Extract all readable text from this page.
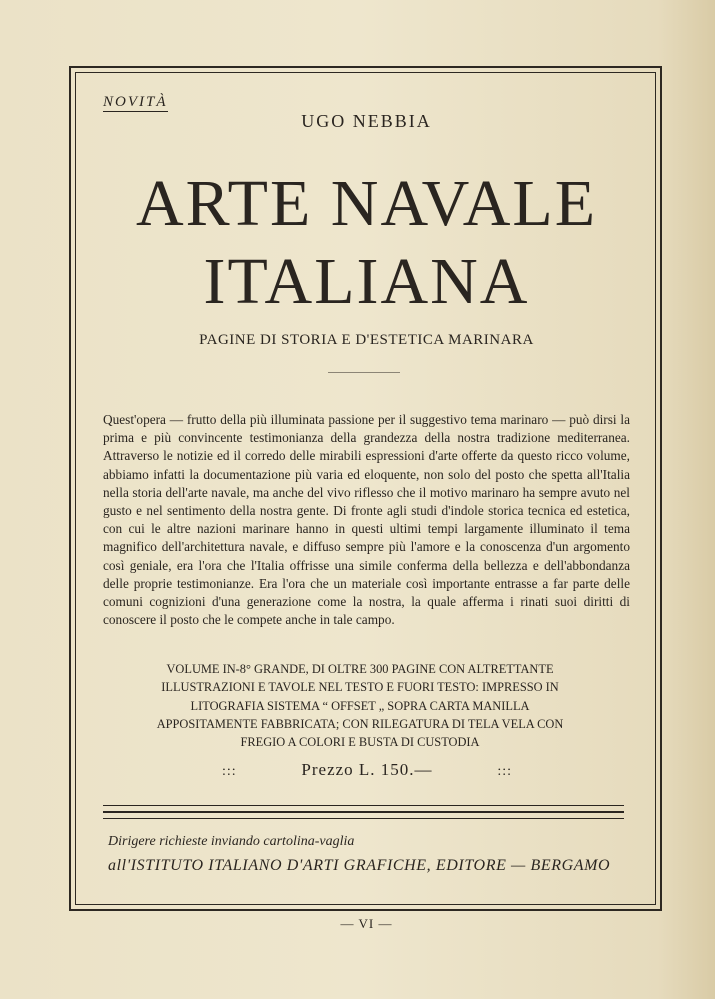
NOVITÀ
UGO NEBBIA
ARTE NAVALE
ITALIANA
PAGINE DI STORIA E D'ESTETICA MARINARA
Quest'opera — frutto della più illuminata passione per il suggestivo tema marinaro — può dirsi la prima e più convincente testimonianza della grandezza della nostra tradizione mediterranea. Attraverso le notizie ed il corredo delle mirabili espressioni d'arte offerte da questo ricco volume, abbiamo infatti la documentazione più varia ed eloquente, non solo del posto che spetta all'Italia nella storia dell'arte navale, ma anche del vivo riflesso che il motivo marinaro ha sempre avuto nel gusto e nel sentimento della nostra gente. Di fronte agli studi d'indole storica tecnica ed estetica, con cui le altre nazioni marinare hanno in questi ultimi tempi largamente illuminato il tema magnifico dell'architettura navale, e diffuso sempre più l'amore e la conoscenza d'un argomento così geniale, era l'ora che l'Italia offrisse una simile conferma della bellezza e dell'abbondanza delle proprie testimonianze. Era l'ora che un materiale così importante entrasse a far parte delle comuni cognizioni d'una generazione come la nostra, la quale afferma i rinati suoi diritti di conoscere il posto che le compete anche in tale campo.
VOLUME IN-8° GRANDE, DI OLTRE 300 PAGINE CON ALTRETTANTE ILLUSTRAZIONI E TAVOLE NEL TESTO E FUORI TESTO: IMPRESSO IN LITOGRAFIA SISTEMA “ OFFSET „ SOPRA CARTA MANILLA APPOSITAMENTE FABBRICATA; CON RILEGATURA DI TELA VELA CON FREGIO A COLORI E BUSTA DI CUSTODIA
:::	Prezzo L. 150.—	:::
Dirigere richieste inviando cartolina-vaglia
all'ISTITUTO ITALIANO D'ARTI GRAFICHE, EDITORE — BERGAMO
— VI —
